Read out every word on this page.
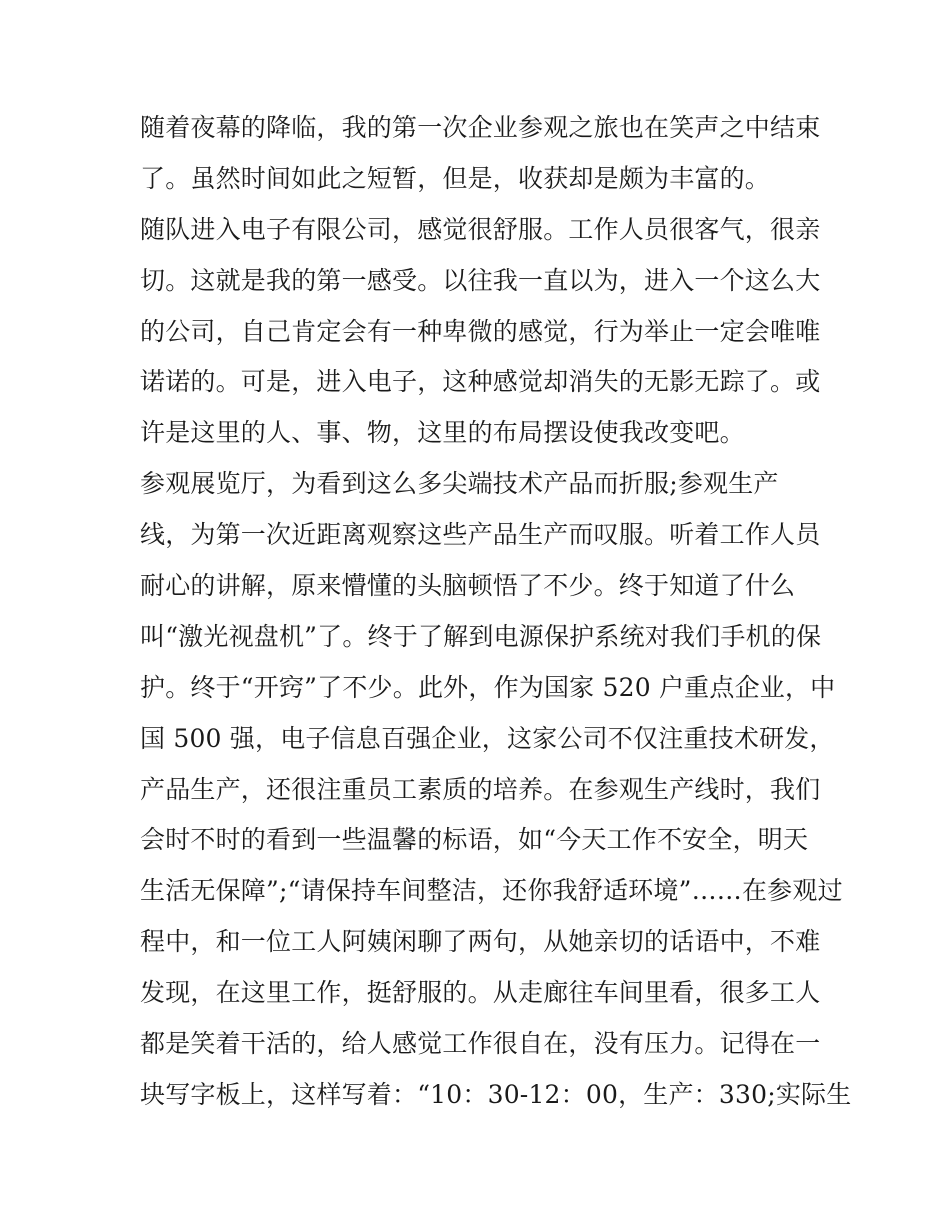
随着夜幕的降临，我的第一次企业参观之旅也在笑声之中结束
了。虽然时间如此之短暂，但是，收获却是颇为丰富的。
随队进入电子有限公司，感觉很舒服。工作人员很客气，很亲
切。这就是我的第一感受。以往我一直以为，进入一个这么大
的公司，自己肯定会有一种卑微的感觉，行为举止一定会唯唯
诺诺的。可是，进入电子，这种感觉却消失的无影无踪了。或
许是这里的人、事、物，这里的布局摆设使我改变吧。
参观展览厅，为看到这么多尖端技术产品而折服;参观生产
线，为第一次近距离观察这些产品生产而叹服。听着工作人员
耐心的讲解，原来懵懂的头脑顿悟了不少。终于知道了什么
叫“激光视盘机”了。终于了解到电源保护系统对我们手机的保
护。终于“开窍”了不少。此外，作为国家 520 户重点企业，中
国 500 强，电子信息百强企业，这家公司不仅注重技术研发，
产品生产，还很注重员工素质的培养。在参观生产线时，我们
会时不时的看到一些温馨的标语，如“今天工作不安全，明天
生活无保障”;“请保持车间整洁，还你我舒适环境”……在参观过
程中，和一位工人阿姨闲聊了两句，从她亲切的话语中，不难
发现，在这里工作，挺舒服的。从走廊往车间里看，很多工人
都是笑着干活的，给人感觉工作很自在，没有压力。记得在一
块写字板上，这样写着：“10：30-12：00，生产：330;实际生
